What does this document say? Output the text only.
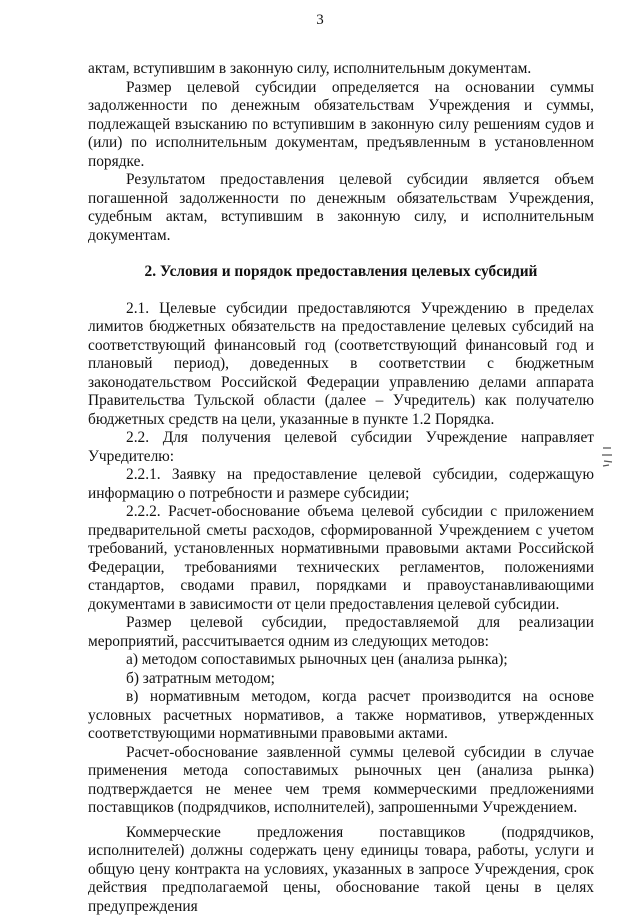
3

актам, вступившим в законную силу, исполнительным документам.

Размер целевой субсидии определяется на основании суммы задолженности по денежным обязательствам Учреждения и суммы, подлежащей взысканию по вступившим в законную силу решениям судов и (или) по исполнительным документам, предъявленным в установленном порядке.

Результатом предоставления целевой субсидии является объем погашенной задолженности по денежным обязательствам Учреждения, судебным актам, вступившим в законную силу, и исполнительным документам.

2. Условия и порядок предоставления целевых субсидий

2.1. Целевые субсидии предоставляются Учреждению в пределах лимитов бюджетных обязательств на предоставление целевых субсидий на соответствующий финансовый год (соответствующий финансовый год и плановый период), доведенных в соответствии с бюджетным законодательством Российской Федерации управлению делами аппарата Правительства Тульской области (далее – Учредитель) как получателю бюджетных средств на цели, указанные в пункте 1.2 Порядка.

2.2. Для получения целевой субсидии Учреждение направляет Учредителю:

2.2.1. Заявку на предоставление целевой субсидии, содержащую информацию о потребности и размере субсидии;

2.2.2. Расчет-обоснование объема целевой субсидии с приложением предварительной сметы расходов, сформированной Учреждением с учетом требований, установленных нормативными правовыми актами Российской Федерации, требованиями технических регламентов, положениями стандартов, сводами правил, порядками и правоустанавливающими документами в зависимости от цели предоставления целевой субсидии.

Размер целевой субсидии, предоставляемой для реализации мероприятий, рассчитывается одним из следующих методов:

а) методом сопоставимых рыночных цен (анализа рынка);

б) затратным методом;

в) нормативным методом, когда расчет производится на основе условных расчетных нормативов, а также нормативов, утвержденных соответствующими нормативными правовыми актами.

Расчет-обоснование заявленной суммы целевой субсидии в случае применения метода сопоставимых рыночных цен (анализа рынка) подтверждается не менее чем тремя коммерческими предложениями поставщиков (подрядчиков, исполнителей), запрошенными Учреждением.

Коммерческие предложения поставщиков (подрядчиков, исполнителей) должны содержать цену единицы товара, работы, услуги и общую цену контракта на условиях, указанных в запросе Учреждения, срок действия предполагаемой цены, обоснование такой цены в целях предупреждения
